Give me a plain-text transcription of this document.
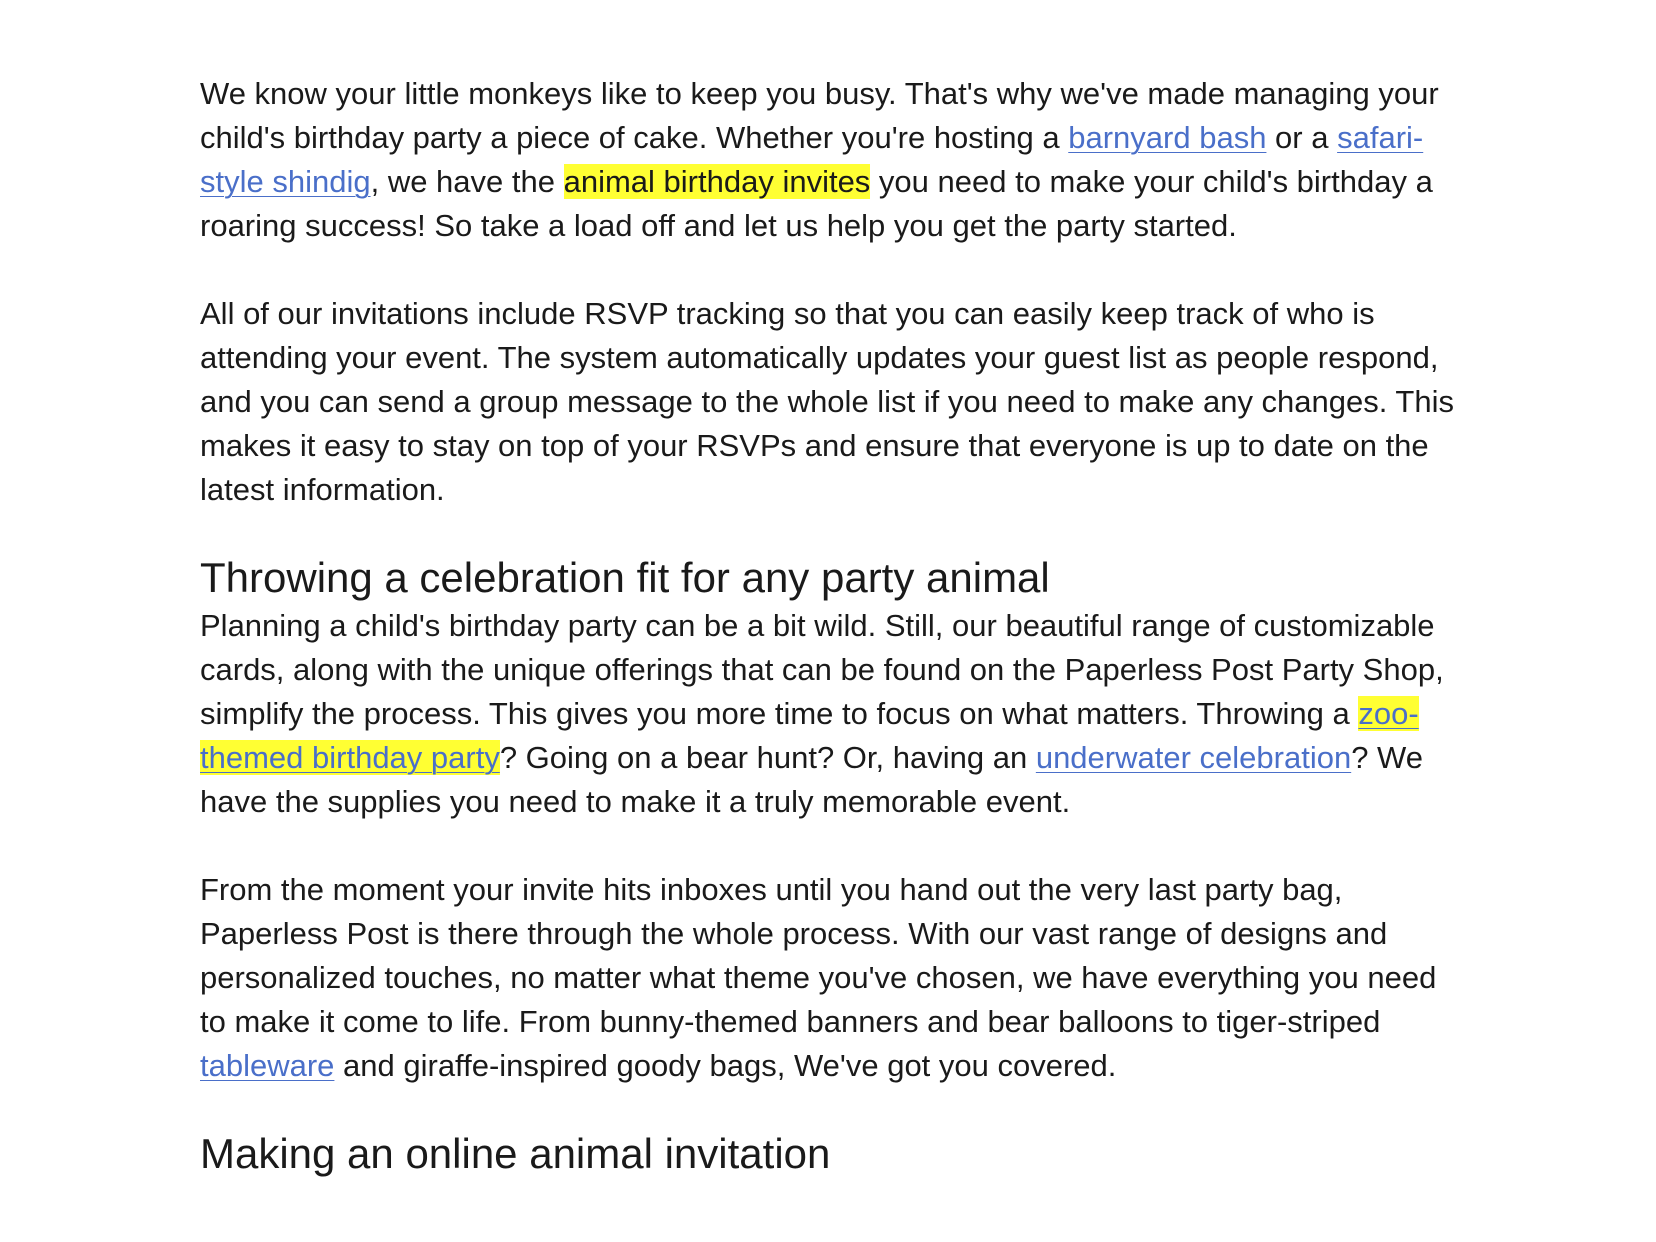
We know your little monkeys like to keep you busy. That's why we've made managing your child's birthday party a piece of cake. Whether you're hosting a barnyard bash or a safari-style shindig, we have the animal birthday invites you need to make your child's birthday a roaring success! So take a load off and let us help you get the party started.

All of our invitations include RSVP tracking so that you can easily keep track of who is attending your event. The system automatically updates your guest list as people respond, and you can send a group message to the whole list if you need to make any changes. This makes it easy to stay on top of your RSVPs and ensure that everyone is up to date on the latest information.

Throwing a celebration fit for any party animal

Planning a child's birthday party can be a bit wild. Still, our beautiful range of customizable cards, along with the unique offerings that can be found on the Paperless Post Party Shop, simplify the process. This gives you more time to focus on what matters. Throwing a zoo-themed birthday party? Going on a bear hunt? Or, having an underwater celebration? We have the supplies you need to make it a truly memorable event.

From the moment your invite hits inboxes until you hand out the very last party bag, Paperless Post is there through the whole process. With our vast range of designs and personalized touches, no matter what theme you've chosen, we have everything you need to make it come to life. From bunny-themed banners and bear balloons to tiger-striped tableware and giraffe-inspired goody bags, We've got you covered.

Making an online animal invitation
